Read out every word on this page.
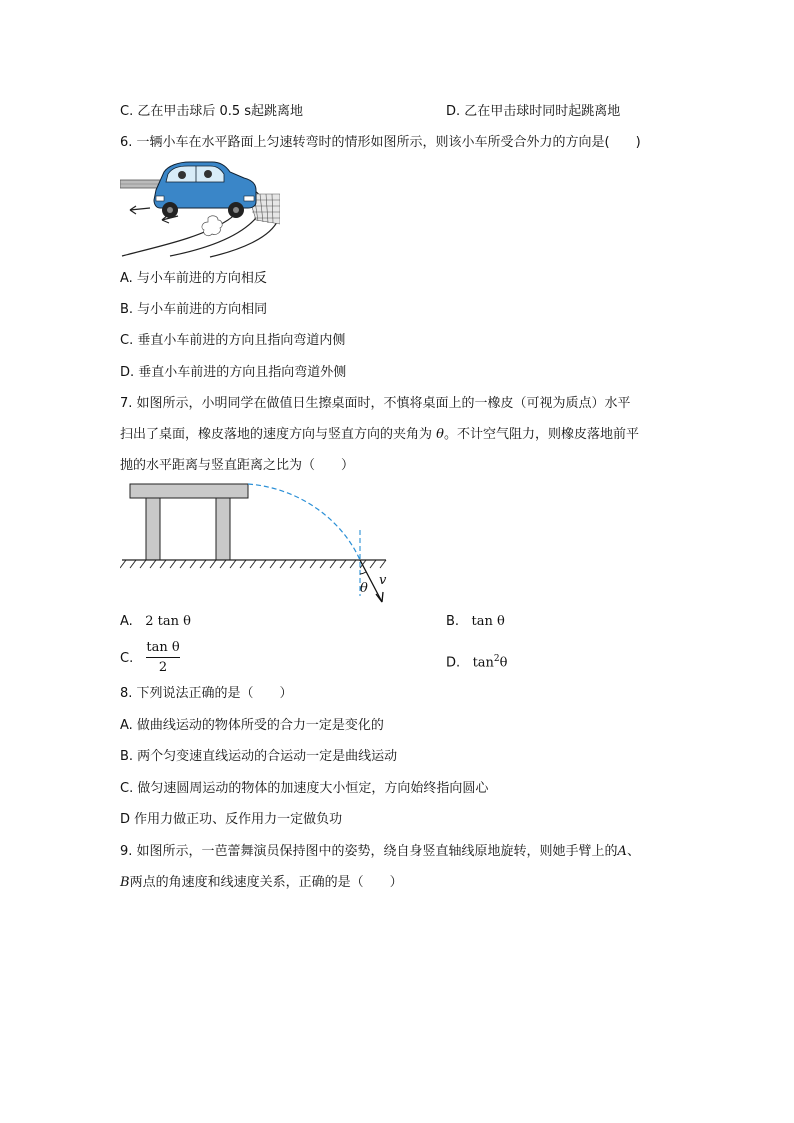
C. 乙在甲击球后 0.5 s起跳离地	D. 乙在甲击球时同时起跳离地
6. 一辆小车在水平路面上匀速转弯时的情形如图所示，则该小车所受合外力的方向是(　　)
A. 与小车前进的方向相反
B. 与小车前进的方向相同
C. 垂直小车前进的方向且指向弯道内侧
D. 垂直小车前进的方向且指向弯道外侧
7. 如图所示，小明同学在做值日生擦桌面时，不慎将桌面上的一橡皮（可视为质点）水平
扫出了桌面，橡皮落地的速度方向与竖直方向的夹角为 θ。不计空气阻力，则橡皮落地前平
抛的水平距离与竖直距离之比为（　　）
v
θ
A. 2 tan θ	B. tan θ
C.
tan θ
2	D. $\tan^2\theta$
8. 下列说法正确的是（　　）
A. 做曲线运动的物体所受的合力一定是变化的
B. 两个匀变速直线运动的合运动一定是曲线运动
C. 做匀速圆周运动的物体的加速度大小恒定，方向始终指向圆心
D 作用力做正功、反作用力一定做负功
9. 如图所示，一芭蕾舞演员保持图中的姿势，绕自身竖直轴线原地旋转，则她手臂上的A、
B两点的角速度和线速度关系，正确的是（　　）
